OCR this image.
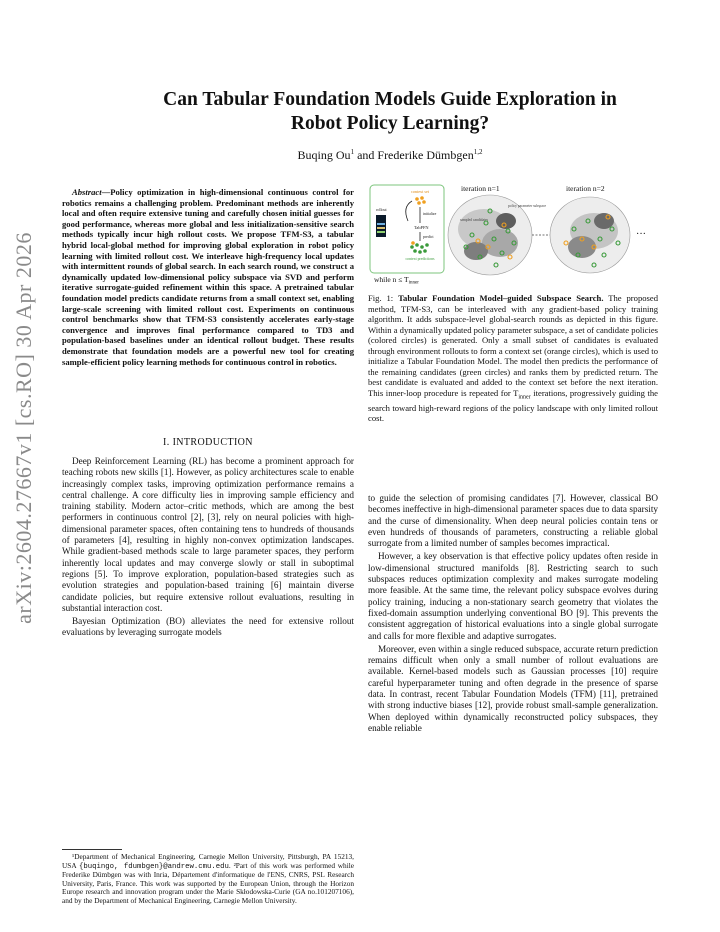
arXiv:2604.27667v1 [cs.RO] 30 Apr 2026
Can Tabular Foundation Models Guide Exploration in
Robot Policy Learning?
Buqing Ou$^1$ and Frederike Dümbgen$^{1,2}$
Abstract—Policy optimization in high-dimensional continuous control for robotics remains a challenging problem. Predominant methods are inherently local and often require extensive tuning and carefully chosen initial guesses for good performance, whereas more global and less initialization-sensitive search methods typically incur high rollout costs. We propose TFM-S3, a tabular hybrid local-global method for improving global exploration in robot policy learning with limited rollout cost. We interleave high-frequency local updates with intermittent rounds of global search. In each search round, we construct a dynamically updated low-dimensional policy subspace via SVD and perform iterative surrogate-guided refinement within this space. A pretrained tabular foundation model predicts candidate returns from a small context set, enabling large-scale screening with limited rollout cost. Experiments on continuous control benchmarks show that TFM-S3 consistently accelerates early-stage convergence and improves final performance compared to TD3 and population-based baselines under an identical rollout budget. These results demonstrate that foundation models are a powerful new tool for creating sample-efficient policy learning methods for continuous control in robotics.
I. INTRODUCTION

Deep Reinforcement Learning (RL) has become a prominent approach for teaching robots new skills [1]. However, as policy architectures scale to enable increasingly complex tasks, improving optimization performance remains a central challenge. A core difficulty lies in improving sample efficiency and training stability. Modern actor–critic methods, which are among the best performers in continuous control [2], [3], rely on neural policies with high-dimensional parameter spaces, often containing tens to hundreds of thousands of parameters [4], resulting in highly non-convex optimization landscapes. While gradient-based methods scale to large parameter spaces, they perform inherently local updates and may converge slowly or stall in suboptimal regions [5]. To improve exploration, population-based strategies such as evolution strategies and population-based training [6] maintain diverse candidate policies, but require extensive rollout evaluations, resulting in substantial interaction cost.

Bayesian Optimization (BO) alleviates the need for extensive rollout evaluations by leveraging surrogate models

¹Department of Mechanical Engineering, Carnegie Mellon University, Pittsburgh, PA 15213, USA {buqingo, fdumbgen}@andrew.cmu.edu. ²Part of this work was performed while Frederike Dümbgen was with Inria, Département d'informatique de l'ENS, CNRS, PSL Research University, Paris, France. This work was supported by the European Union, through the Horizon Europe research and innovation program under the Marie Skłodowska-Curie (GA no.101207106), and by the Department of Mechanical Engineering, Carnegie Mellon University.
context set
rollout
initialize
TabPFN
predict
context predictions
while $n \le T_{inner}$
iteration n=1	iteration n=2
sampled candidates
policy parameter subspace
···
Fig. 1: Tabular Foundation Model–guided Subspace Search. The proposed method, TFM-S3, can be interleaved with any gradient-based policy training algorithm. It adds subspace-level global-search rounds as depicted in this figure. Within a dynamically updated policy parameter subspace, a set of candidate policies (colored circles) is generated. Only a small subset of candidates is evaluated through environment rollouts to form a context set (orange circles), which is used to initialize a Tabular Foundation Model. The model then predicts the performance of the remaining candidates (green circles) and ranks them by predicted return. The best candidate is evaluated and added to the context set before the next iteration. This inner-loop procedure is repeated for $T_{inner}$ iterations, progressively guiding the search toward high-reward regions of the policy landscape with only limited rollout cost.

to guide the selection of promising candidates [7]. However, classical BO becomes ineffective in high-dimensional parameter spaces due to data sparsity and the curse of dimensionality. When deep neural policies contain tens or even hundreds of thousands of parameters, constructing a reliable global surrogate from a limited number of samples becomes impractical.

However, a key observation is that effective policy updates often reside in low-dimensional structured manifolds [8]. Restricting search to such subspaces reduces optimization complexity and makes surrogate modeling more feasible. At the same time, the relevant policy subspace evolves during policy training, inducing a non-stationary search geometry that violates the fixed-domain assumption underlying conventional BO [9]. This prevents the consistent aggregation of historical evaluations into a single global surrogate and calls for more flexible and adaptive surrogates.

Moreover, even within a single reduced subspace, accurate return prediction remains difficult when only a small number of rollout evaluations are available. Kernel-based models such as Gaussian processes [10] require careful hyperparameter tuning and often degrade in the presence of sparse data. In contrast, recent Tabular Foundation Models (TFM) [11], pretrained with strong inductive biases [12], provide robust small-sample generalization. When deployed within dynamically reconstructed policy subspaces, they enable reliable
